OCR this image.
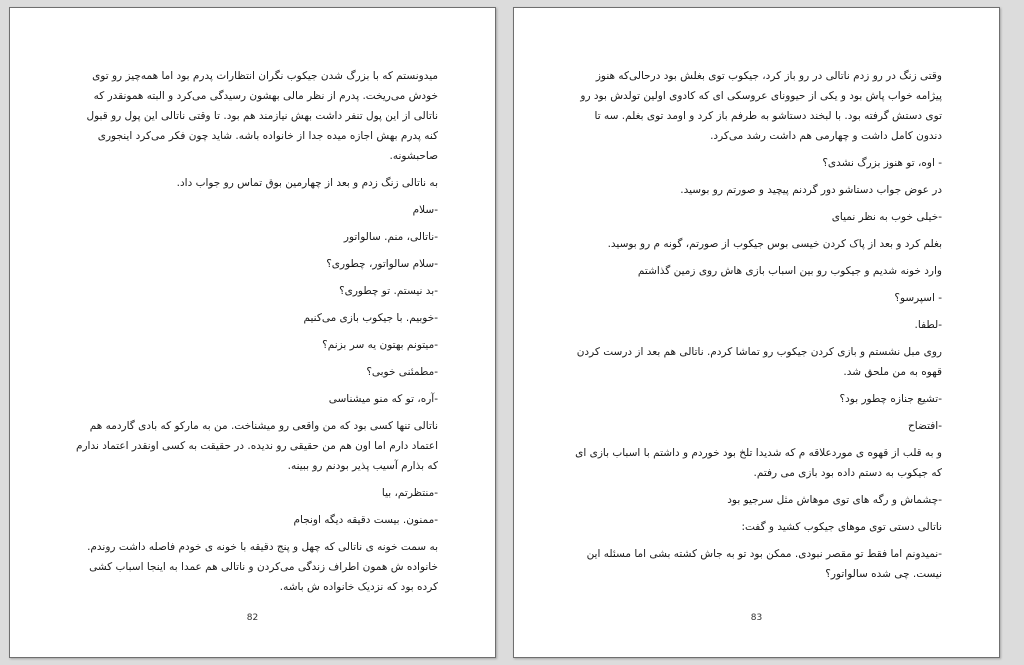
میدونستم که با بزرگ شدن جیکوب نگران انتظارات پدرم بود اما همه‌چیز رو توی خودش می‌ریخت. پدرم از نظر مالی بهشون رسیدگی می‌کرد و البته همونقدر که ناتالی از این پول تنفر داشت بهش نیازمند هم بود. تا وقتی ناتالی این پول رو قبول کنه پدرم بهش اجازه میده جدا از خانواده باشه. شاید چون فکر می‌کرد اینجوری صاحبشونه.

به ناتالی زنگ زدم و بعد از چهارمین بوق تماس رو جواب داد.

-سلام

-ناتالی، منم. سالواتور

-سلام سالواتور، چطوری؟

-بد نیستم. تو چطوری؟

-خوبیم. با جیکوب بازی می‌کنیم

-میتونم بهتون یه سر بزنم؟

-مطمئنی خوبی؟

-آره، تو که منو میشناسی

ناتالی تنها کسی بود که من واقعی رو میشناخت. من به مارکو که بادی گاردمه هم اعتماد دارم اما اون هم من حقیقی رو ندیده. در حقیقت به کسی اونقدر اعتماد ندارم که بذارم آسیب پذیر بودنم رو ببینه.

-منتظرتم، بیا

-ممنون. بیست دقیقه دیگه اونجام

به سمت خونه ی ناتالی که چهل و پنج دقیقه با خونه ی خودم فاصله داشت روندم. خانواده ش همون اطراف زندگی می‌کردن و ناتالی هم عمدا به اینجا اسباب کشی کرده بود که نزدیک خانواده ش باشه.

82

وقتی زنگ در رو زدم ناتالی در رو باز کرد، جیکوب توی بغلش بود درحالی‌که هنوز پیژامه خواب پاش بود و یکی از حیوونای عروسکی ای که کادوی اولین تولدش بود رو توی دستش گرفته بود. با لبخند دستاشو به طرفم باز کرد و اومد توی بغلم. سه تا دندون کامل داشت و چهارمی هم داشت رشد می‌کرد.

- اوه، تو هنوز بزرگ نشدی؟

در عوض جواب دستاشو دور گردنم پیچید و صورتم رو بوسید.

-خیلی خوب به نظر نمیای

بغلم کرد و بعد از پاک کردن خیسی بوس جیکوب از صورتم، گونه م رو بوسید.

وارد خونه شدیم و جیکوب رو بین اسباب بازی هاش روی زمین گذاشتم

- اسپرسو؟

-لطفا.

روی مبل نشستم و بازی کردن جیکوب رو تماشا کردم. ناتالی هم بعد از درست کردن قهوه به من ملحق شد.

-تشیع جنازه چطور بود؟

-افتضاح

و به قلب از قهوه ی موردعلاقه م که شدیدا تلخ بود خوردم و داشتم با اسباب بازی ای که جیکوب به دستم داده بود بازی می رفتم.

-چشماش و رگه های توی موهاش مثل سرجیو بود

ناتالی دستی توی موهای جیکوب کشید و گفت:

-نمیدونم اما فقط تو مقصر نبودی. ممکن بود تو به جاش کشته بشی اما مسئله این نیست. چی شده سالواتور؟

83
